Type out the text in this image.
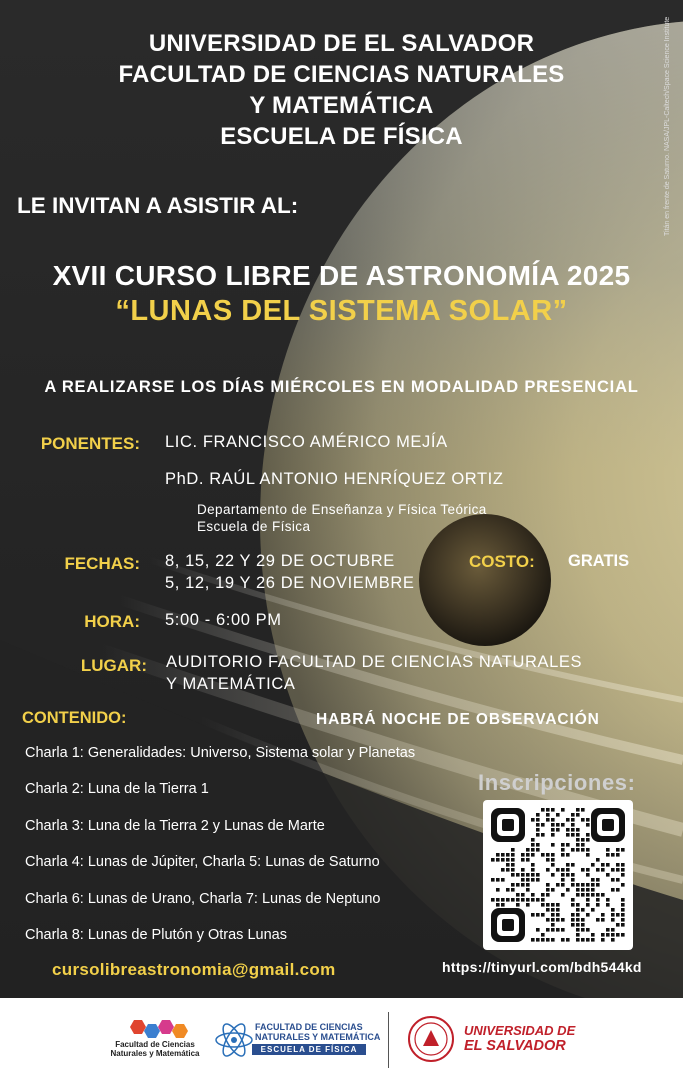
Titán en frente de Saturno. NASA/JPL-Caltech/Space Science Institute

UNIVERSIDAD DE EL SALVADOR

FACULTAD DE CIENCIAS NATURALES

Y MATEMÁTICA

ESCUELA DE FÍSICA

LE INVITAN A ASISTIR AL:

XVII CURSO LIBRE DE ASTRONOMÍA 2025

“LUNAS DEL SISTEMA SOLAR”

A REALIZARSE LOS DÍAS MIÉRCOLES EN MODALIDAD PRESENCIAL

PONENTES: LIC. FRANCISCO AMÉRICO MEJÍA

PhD. RAÚL ANTONIO HENRÍQUEZ ORTIZ

Departamento de Enseñanza y Física Teórica

Escuela de Física

FECHAS: 8, 15, 22 Y 29 DE OCTUBRE

5, 12, 19 Y 26 DE NOVIEMBRE

COSTO: GRATIS

HORA: 5:00 - 6:00 PM

LUGAR: AUDITORIO FACULTAD DE CIENCIAS NATURALES

Y MATEMÁTICA

CONTENIDO:	HABRÁ NOCHE DE OBSERVACIÓN

Charla 1: Generalidades: Universo, Sistema solar y Planetas

Charla 2: Luna de la Tierra 1

Charla 3: Luna de la Tierra 2 y Lunas de Marte

Charla 4: Lunas de Júpiter, Charla 5: Lunas de Saturno

Charla 6: Lunas de Urano, Charla 7: Lunas de Neptuno

Charla 8: Lunas de Plutón y Otras Lunas

cursolibreastronomia@gmail.com

Inscripciones:

https://tinyurl.com/bdh544kd

Facultad de Ciencias
Naturales y Matemática
FACULTAD DE CIENCIAS
NATURALES Y MATEMÁTICA
ESCUELA DE FÍSICA
UNIVERSIDAD DE
EL SALVADOR
